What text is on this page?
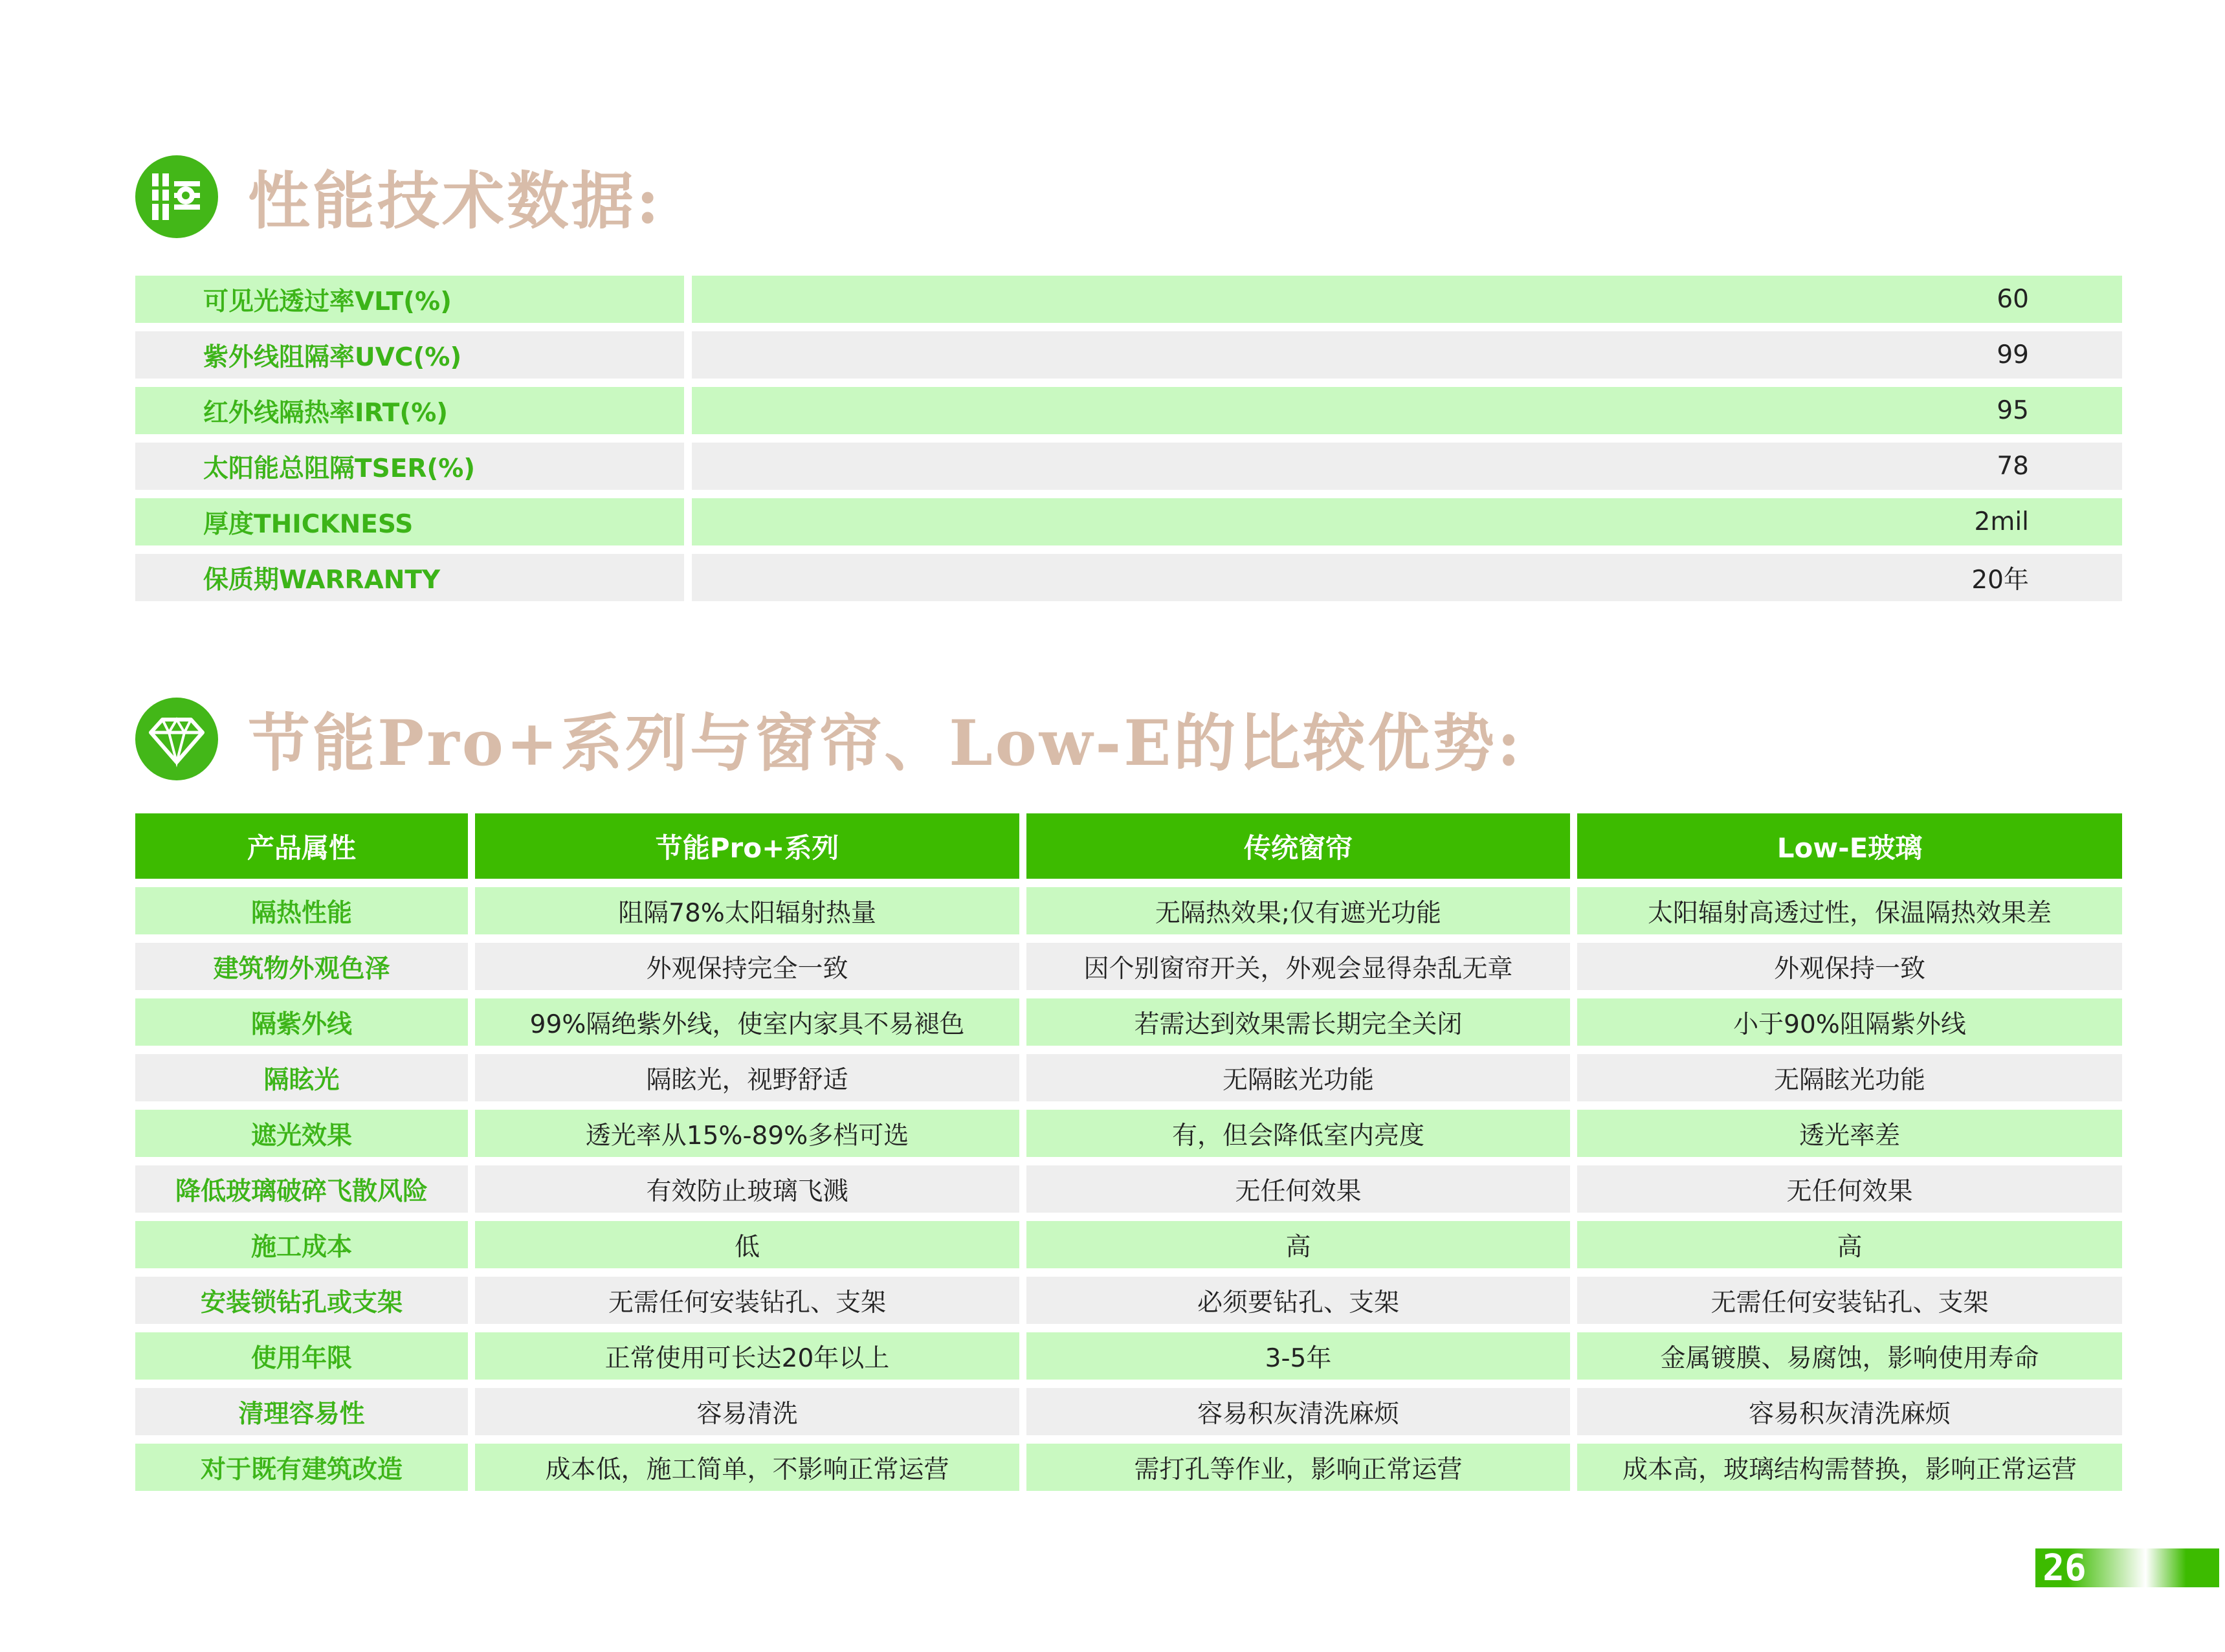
性能技术数据:
可见光透过率VLT(%)	60
紫外线阻隔率UVC(%)	99
红外线隔热率IRT(%)	95
太阳能总阻隔TSER(%)	78
厚度THICKNESS	2mil
保质期WARRANTY	20年
节能Pro+系列与窗帘、Low-E的比较优势:
产品属性	节能Pro+系列	传统窗帘	Low-E玻璃
隔热性能	阻隔78%太阳辐射热量	无隔热效果;仅有遮光功能	太阳辐射高透过性，保温隔热效果差
建筑物外观色泽	外观保持完全一致	因个别窗帘开关，外观会显得杂乱无章	外观保持一致
隔紫外线	99%隔绝紫外线，使室内家具不易褪色	若需达到效果需长期完全关闭	小于90%阻隔紫外线
隔眩光	隔眩光，视野舒适	无隔眩光功能	无隔眩光功能
遮光效果	透光率从15%-89%多档可选	有，但会降低室内亮度	透光率差
降低玻璃破碎飞散风险	有效防止玻璃飞溅	无任何效果	无任何效果
施工成本	低	高	高
安装锁钻孔或支架	无需任何安装钻孔、支架	必须要钻孔、支架	无需任何安装钻孔、支架
使用年限	正常使用可长达20年以上	3-5年	金属镀膜、易腐蚀，影响使用寿命
清理容易性	容易清洗	容易积灰清洗麻烦	容易积灰清洗麻烦
对于既有建筑改造	成本低，施工简单，不影响正常运营	需打孔等作业，影响正常运营	成本高，玻璃结构需替换，影响正常运营
26
